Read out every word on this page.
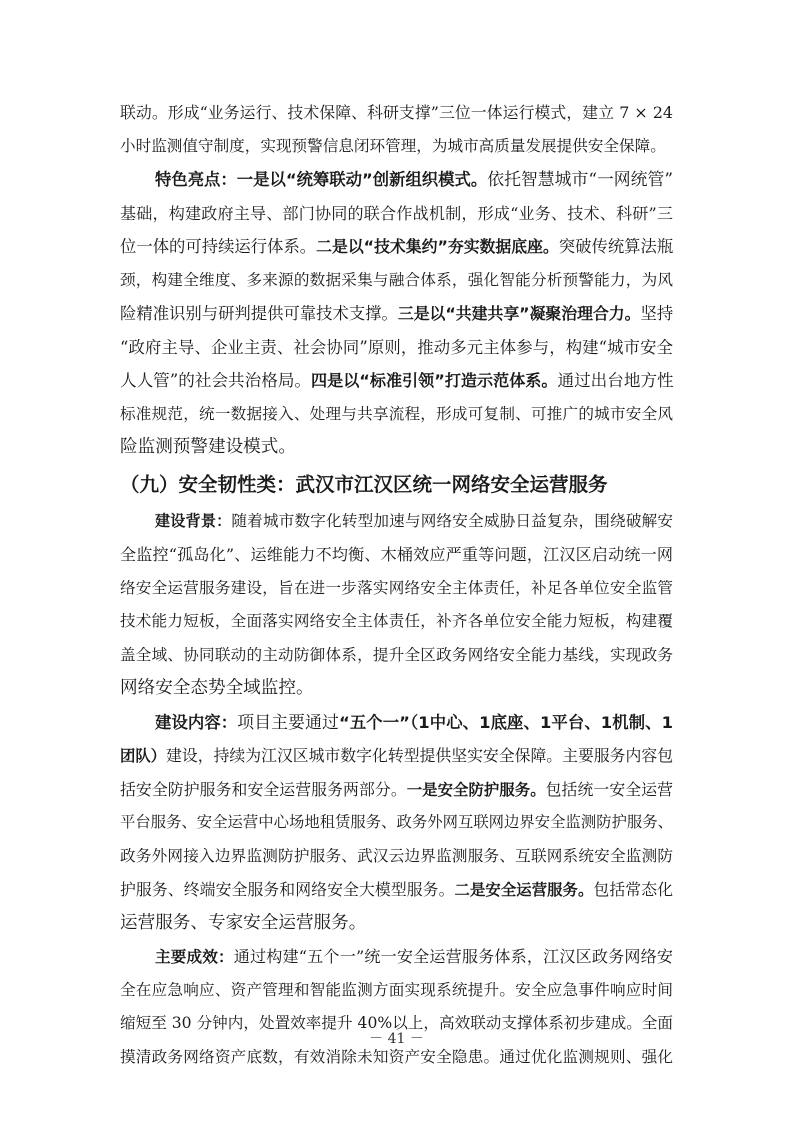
联动。形成“业务运行、技术保障、科研支撑”三位一体运行模式，建立 7 × 24
小时监测值守制度，实现预警信息闭环管理，为城市高质量发展提供安全保障。
特色亮点：一是以“统筹联动”创新组织模式。依托智慧城市“一网统管”
基础，构建政府主导、部门协同的联合作战机制，形成“业务、技术、科研”三
位一体的可持续运行体系。二是以“技术集约”夯实数据底座。突破传统算法瓶
颈，构建全维度、多来源的数据采集与融合体系，强化智能分析预警能力，为风
险精准识别与研判提供可靠技术支撑。三是以“共建共享”凝聚治理合力。坚持
“政府主导、企业主责、社会协同”原则，推动多元主体参与，构建“城市安全
人人管”的社会共治格局。四是以“标准引领”打造示范体系。通过出台地方性
标准规范，统一数据接入、处理与共享流程，形成可复制、可推广的城市安全风
险监测预警建设模式。
（九）安全韧性类：武汉市江汉区统一网络安全运营服务
建设背景：随着城市数字化转型加速与网络安全威胁日益复杂，围绕破解安
全监控“孤岛化”、运维能力不均衡、木桶效应严重等问题，江汉区启动统一网
络安全运营服务建设，旨在进一步落实网络安全主体责任，补足各单位安全监管
技术能力短板，全面落实网络安全主体责任，补齐各单位安全能力短板，构建覆
盖全域、协同联动的主动防御体系，提升全区政务网络安全能力基线，实现政务
网络安全态势全域监控。
建设内容：项目主要通过“五个一”（1中心、1底座、1平台、1机制、1
团队）建设，持续为江汉区城市数字化转型提供坚实安全保障。主要服务内容包
括安全防护服务和安全运营服务两部分。一是安全防护服务。包括统一安全运营
平台服务、安全运营中心场地租赁服务、政务外网互联网边界安全监测防护服务、
政务外网接入边界监测防护服务、武汉云边界监测服务、互联网系统安全监测防
护服务、终端安全服务和网络安全大模型服务。二是安全运营服务。包括常态化
运营服务、专家安全运营服务。
主要成效：通过构建“五个一”统一安全运营服务体系，江汉区政务网络安
全在应急响应、资产管理和智能监测方面实现系统提升。安全应急事件响应时间
缩短至 30 分钟内，处置效率提升 40%以上，高效联动支撑体系初步建成。全面
摸清政务网络资产底数，有效消除未知资产安全隐患。通过优化监测规则、强化
－ 41 －
